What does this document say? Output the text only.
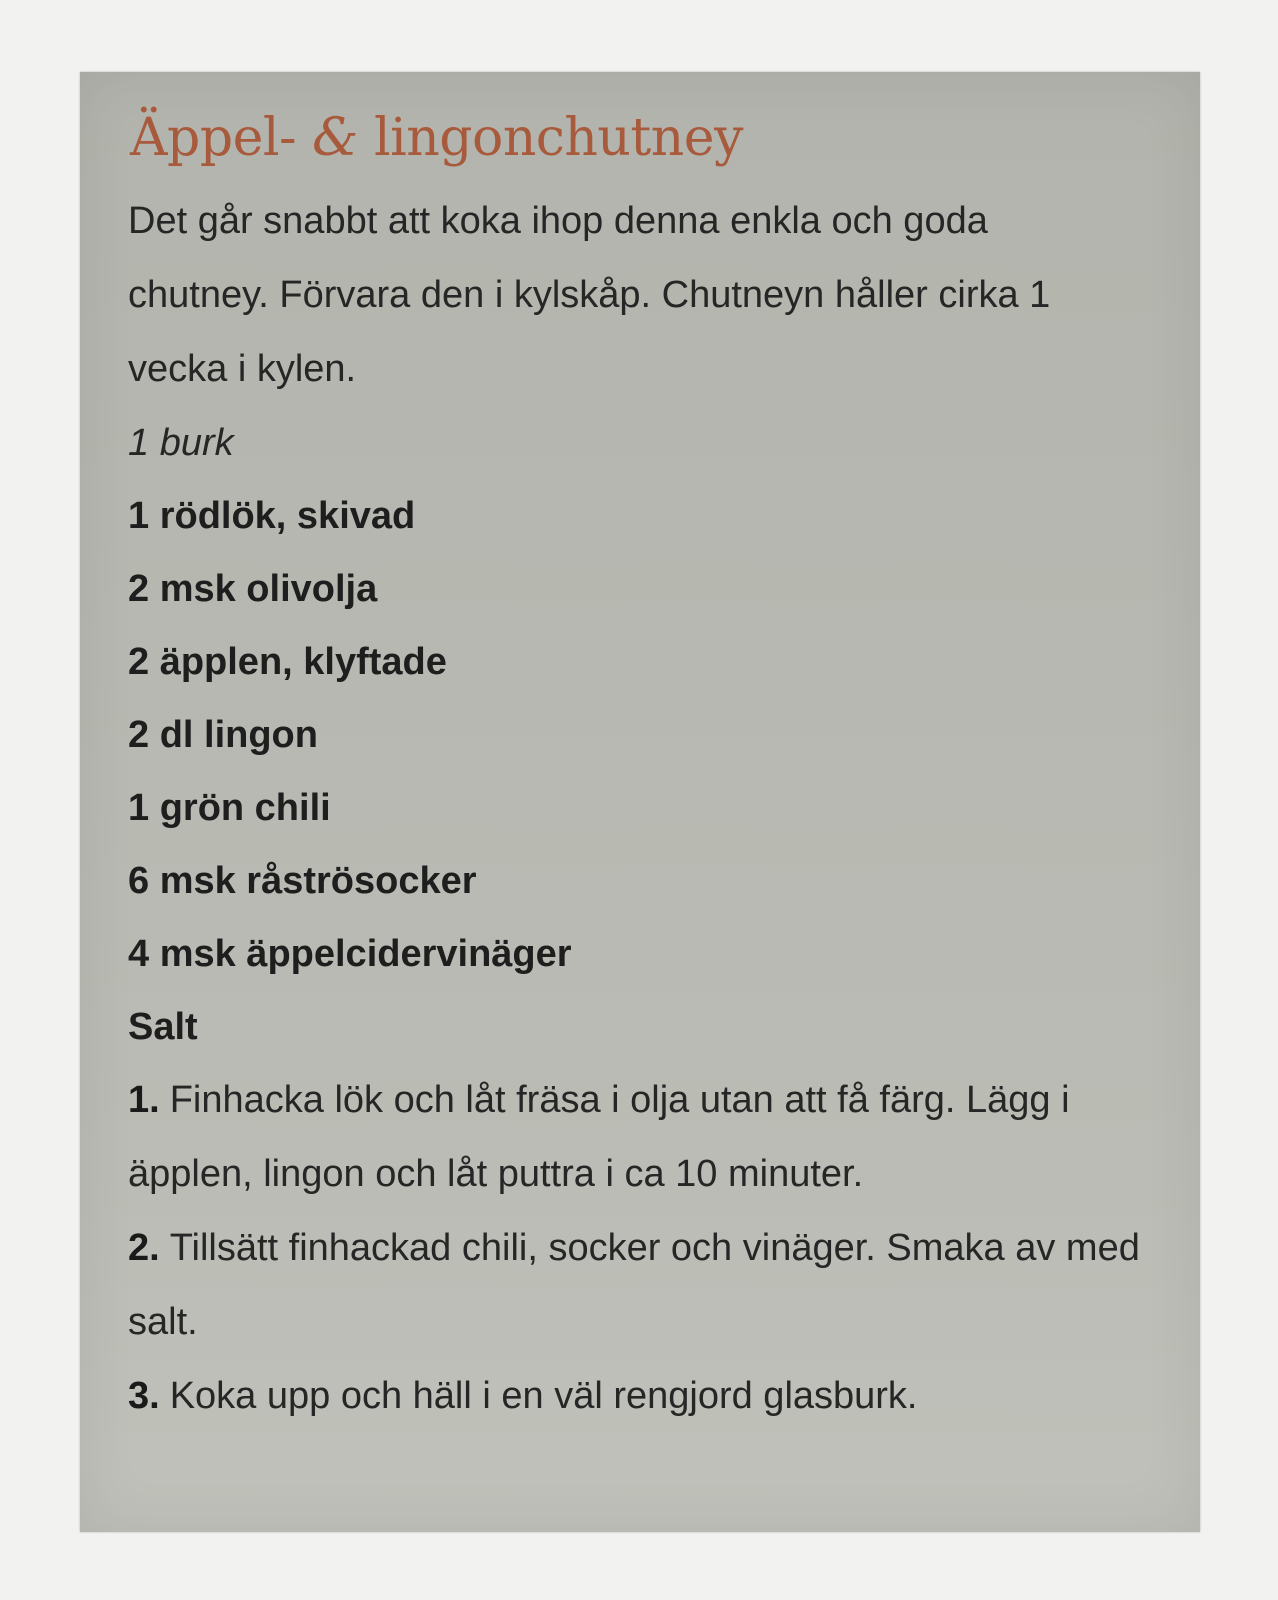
Äppel- & lingonchutney

Det går snabbt att koka ihop denna enkla och goda chutney. Förvara den i kylskåp. Chutneyn håller cirka 1 vecka i kylen.

1 burk

1 rödlök, skivad
2 msk olivolja
2 äpplen, klyftade
2 dl lingon
1 grön chili
6 msk råströsocker
4 msk äppelcidervinäger
Salt
1. Finhacka lök och låt fräsa i olja utan att få färg. Lägg i äpplen, lingon och låt puttra i ca 10 minuter.
2. Tillsätt finhackad chili, socker och vinäger. Smaka av med salt.
3. Koka upp och häll i en väl rengjord glasburk.
